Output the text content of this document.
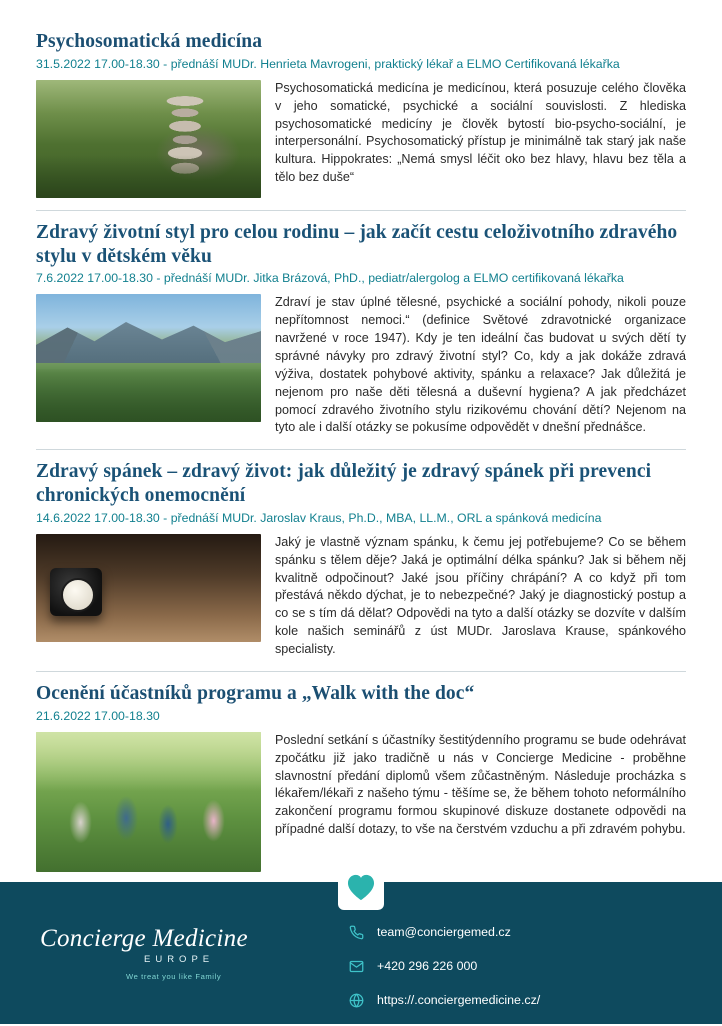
Psychosomatická medicína
31.5.2022 17.00-18.30 - přednáší MUDr. Henrieta Mavrogeni, praktický lékař a ELMO Certifikovaná lékařka
Psychosomatická medicína je medicínou, která posuzuje celého člověka v jeho somatické, psychické a sociální souvislosti. Z hlediska psychosomatické medicíny je člověk bytostí bio-psycho-sociální, je interpersonální. Psychosomatický přístup je minimálně tak starý jak naše kultura. Hippokrates: „Nemá smysl léčit oko bez hlavy, hlavu bez těla a tělo bez duše“
Zdravý životní styl pro celou rodinu – jak začít cestu celoživotního zdravého stylu v dětském věku
7.6.2022 17.00-18.30 - přednáší MUDr. Jitka Brázová, PhD., pediatr/alergolog a ELMO certifikovaná lékařka
Zdraví je stav úplné tělesné, psychické a sociální pohody, nikoli pouze nepřítomnost nemoci.“ (definice Světové zdravotnické organizace navržené v roce 1947). Kdy je ten ideální čas budovat u svých dětí ty správné návyky pro zdravý životní styl? Co, kdy a jak dokáže zdravá výživa, dostatek pohybové aktivity, spánku a relaxace? Jak důležitá je nejenom pro naše děti tělesná a duševní hygiena? A jak předcházet pomocí zdravého životního stylu rizikovému chování dětí? Nejenom na tyto ale i další otázky se pokusíme odpovědět v dnešní přednášce.
Zdravý spánek – zdravý život: jak důležitý je zdravý spánek při prevenci chronických onemocnění
14.6.2022 17.00-18.30 - přednáší MUDr. Jaroslav Kraus, Ph.D., MBA, LL.M., ORL a spánková medicína
Jaký je vlastně význam spánku, k čemu jej potřebujeme? Co se během spánku s tělem děje? Jaká je optimální délka spánku? Jak si během něj kvalitně odpočinout? Jaké jsou příčiny chrápání? A co když při tom přestává někdo dýchat, je to nebezpečné? Jaký je diagnostický postup a co se s tím dá dělat? Odpovědi na tyto a další otázky se dozvíte v dalším kole našich seminářů z úst MUDr. Jaroslava Krause, spánkového specialisty.
Ocenění účastníků programu a „Walk with the doc“
21.6.2022 17.00-18.30
Poslední setkání s účastníky šestitýdenního programu se bude odehrávat zpočátku již jako tradičně u nás v Concierge Medicine - proběhne slavnostní předání diplomů všem zůčastněným. Následuje procházka s lékařem/lékaři z našeho týmu - těšíme se, že během tohoto neformálního zakončení programu formou skupinové diskuze dostanete odpovědi na případné další dotazy, to vše na čerstvém vzduchu a při zdravém pohybu.
Concierge Medicine
EUROPE
We treat you like Family
team@conciergemed.cz
+420 296 226 000
https://.conciergemedicine.cz/
